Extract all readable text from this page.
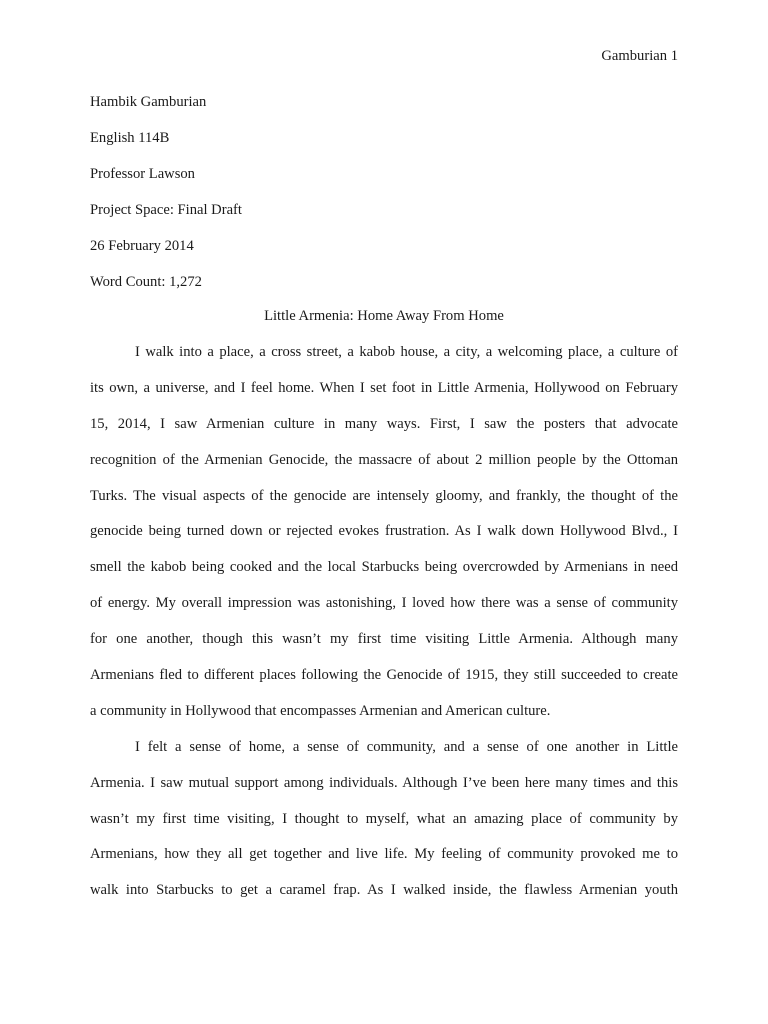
Gamburian 1
Hambik Gamburian
English 114B
Professor Lawson
Project Space: Final Draft
26 February 2014
Word Count: 1,272
Little Armenia: Home Away From Home
I walk into a place, a cross street, a kabob house, a city, a welcoming place, a culture of
its own, a universe, and I feel home. When I set foot in Little Armenia, Hollywood on February
15, 2014, I saw Armenian culture in many ways. First, I saw the posters that advocate
recognition of the Armenian Genocide, the massacre of about 2 million people by the Ottoman
Turks. The visual aspects of the genocide are intensely gloomy, and frankly, the thought of the
genocide being turned down or rejected evokes frustration. As I walk down Hollywood Blvd., I
smell the kabob being cooked and the local Starbucks being overcrowded by Armenians in need
of energy. My overall impression was astonishing, I loved how there was a sense of community
for one another, though this wasn’t my first time visiting Little Armenia. Although many
Armenians fled to different places following the Genocide of 1915, they still succeeded to create
a community in Hollywood that encompasses Armenian and American culture.
I felt a sense of home, a sense of community, and a sense of one another in Little
Armenia. I saw mutual support among individuals. Although I’ve been here many times and this
wasn’t my first time visiting, I thought to myself, what an amazing place of community by
Armenians, how they all get together and live life. My feeling of community provoked me to
walk into Starbucks to get a caramel frap. As I walked inside, the flawless Armenian youth
